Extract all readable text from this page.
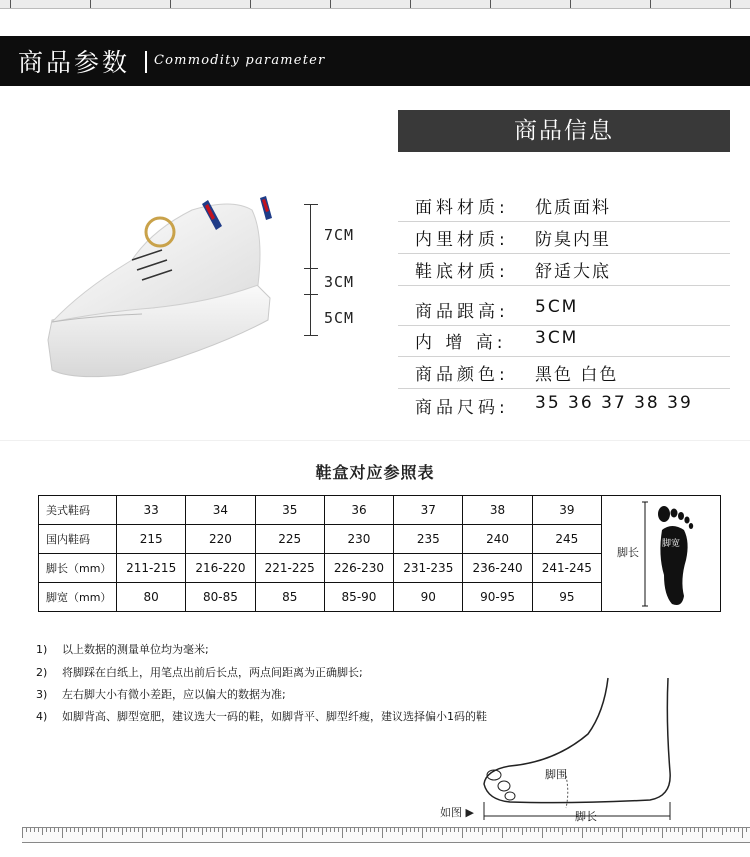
商品参数 Commodity parameter
7CM
3CM
5CM
商品信息
面料材质: 优质面料
内里材质: 防臭内里
鞋底材质: 舒适大底
商品跟高: 5CM
内 增 高: 3CM
商品颜色: 黑色 白色
商品尺码: 35 36 37 38 39
鞋盒对应参照表
美式鞋码	33	34	35	36	37	38	39
国内鞋码	215	220	225	230	235	240	245
脚长（mm）	211-215	216-220	221-225	226-230	231-235	236-240	241-245
脚宽（mm）	80	80-85	85	85-90	90	90-95	95
脚长
脚宽
1) 以上数据的测量单位均为毫米;
2) 将脚踩在白纸上，用笔点出前后长点，两点间距离为正确脚长;
3) 左右脚大小有微小差距，应以偏大的数据为准;
4) 如脚背高、脚型宽肥，建议选大一码的鞋，如脚背平、脚型纤瘦，建议选择偏小1码的鞋
脚围
脚长
如图 ▶
